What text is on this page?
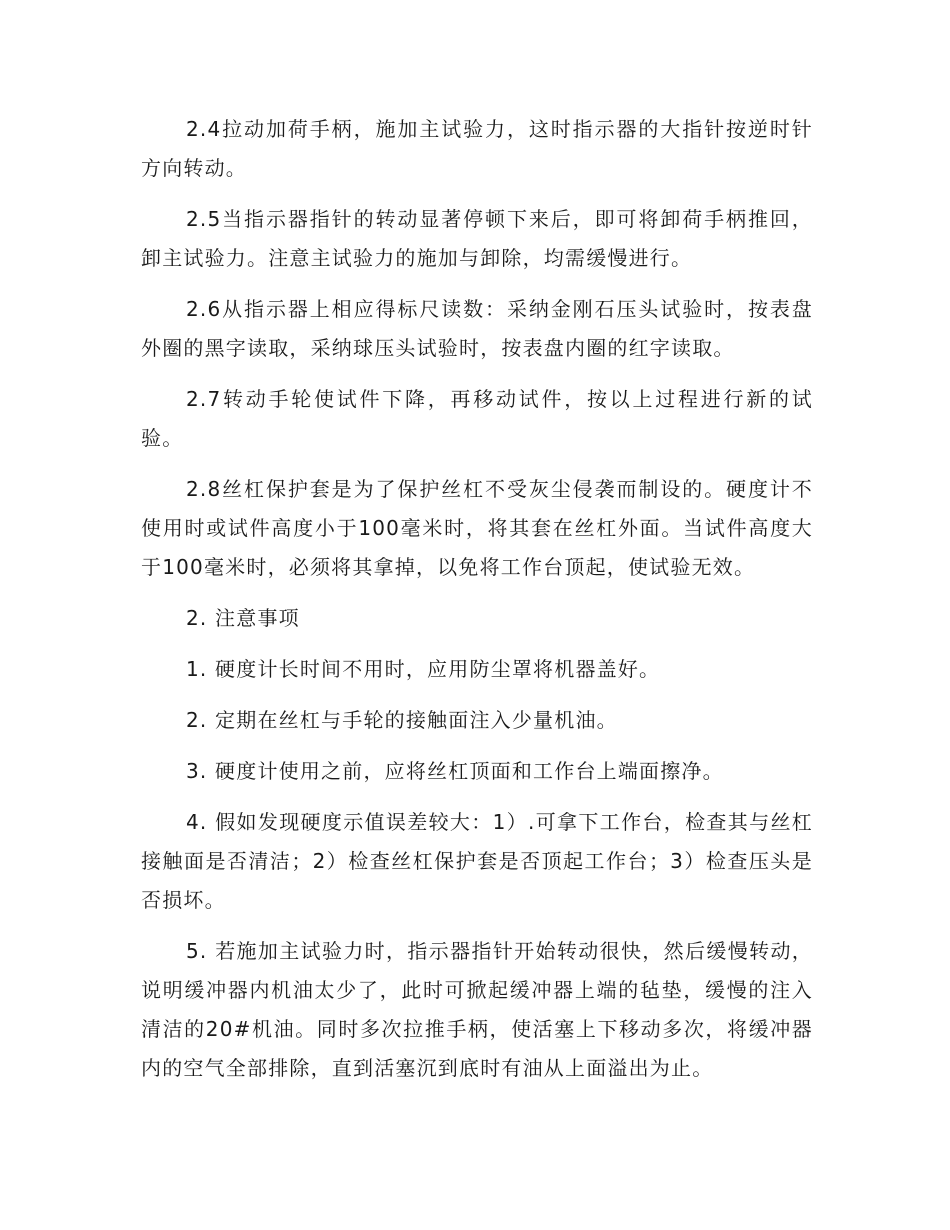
2.4拉动加荷手柄，施加主试验力，这时指示器的大指针按逆时针方向转动。

2.5当指示器指针的转动显著停顿下来后，即可将卸荷手柄推回，卸主试验力。注意主试验力的施加与卸除，均需缓慢进行。

2.6从指示器上相应得标尺读数：采纳金刚石压头试验时，按表盘外圈的黑字读取，采纳球压头试验时，按表盘内圈的红字读取。

2.7转动手轮使试件下降，再移动试件，按以上过程进行新的试验。

2.8丝杠保护套是为了保护丝杠不受灰尘侵袭而制设的。硬度计不使用时或试件高度小于100毫米时，将其套在丝杠外面。当试件高度大于100毫米时，必须将其拿掉，以免将工作台顶起，使试验无效。

2. 注意事项

1. 硬度计长时间不用时，应用防尘罩将机器盖好。

2. 定期在丝杠与手轮的接触面注入少量机油。

3. 硬度计使用之前，应将丝杠顶面和工作台上端面擦净。

4. 假如发现硬度示值误差较大：1）.可拿下工作台，检查其与丝杠接触面是否清洁；2）检查丝杠保护套是否顶起工作台；3）检查压头是否损坏。

5. 若施加主试验力时，指示器指针开始转动很快，然后缓慢转动，说明缓冲器内机油太少了，此时可掀起缓冲器上端的毡垫，缓慢的注入清洁的20#机油。同时多次拉推手柄，使活塞上下移动多次，将缓冲器内的空气全部排除，直到活塞沉到底时有油从上面溢出为止。
